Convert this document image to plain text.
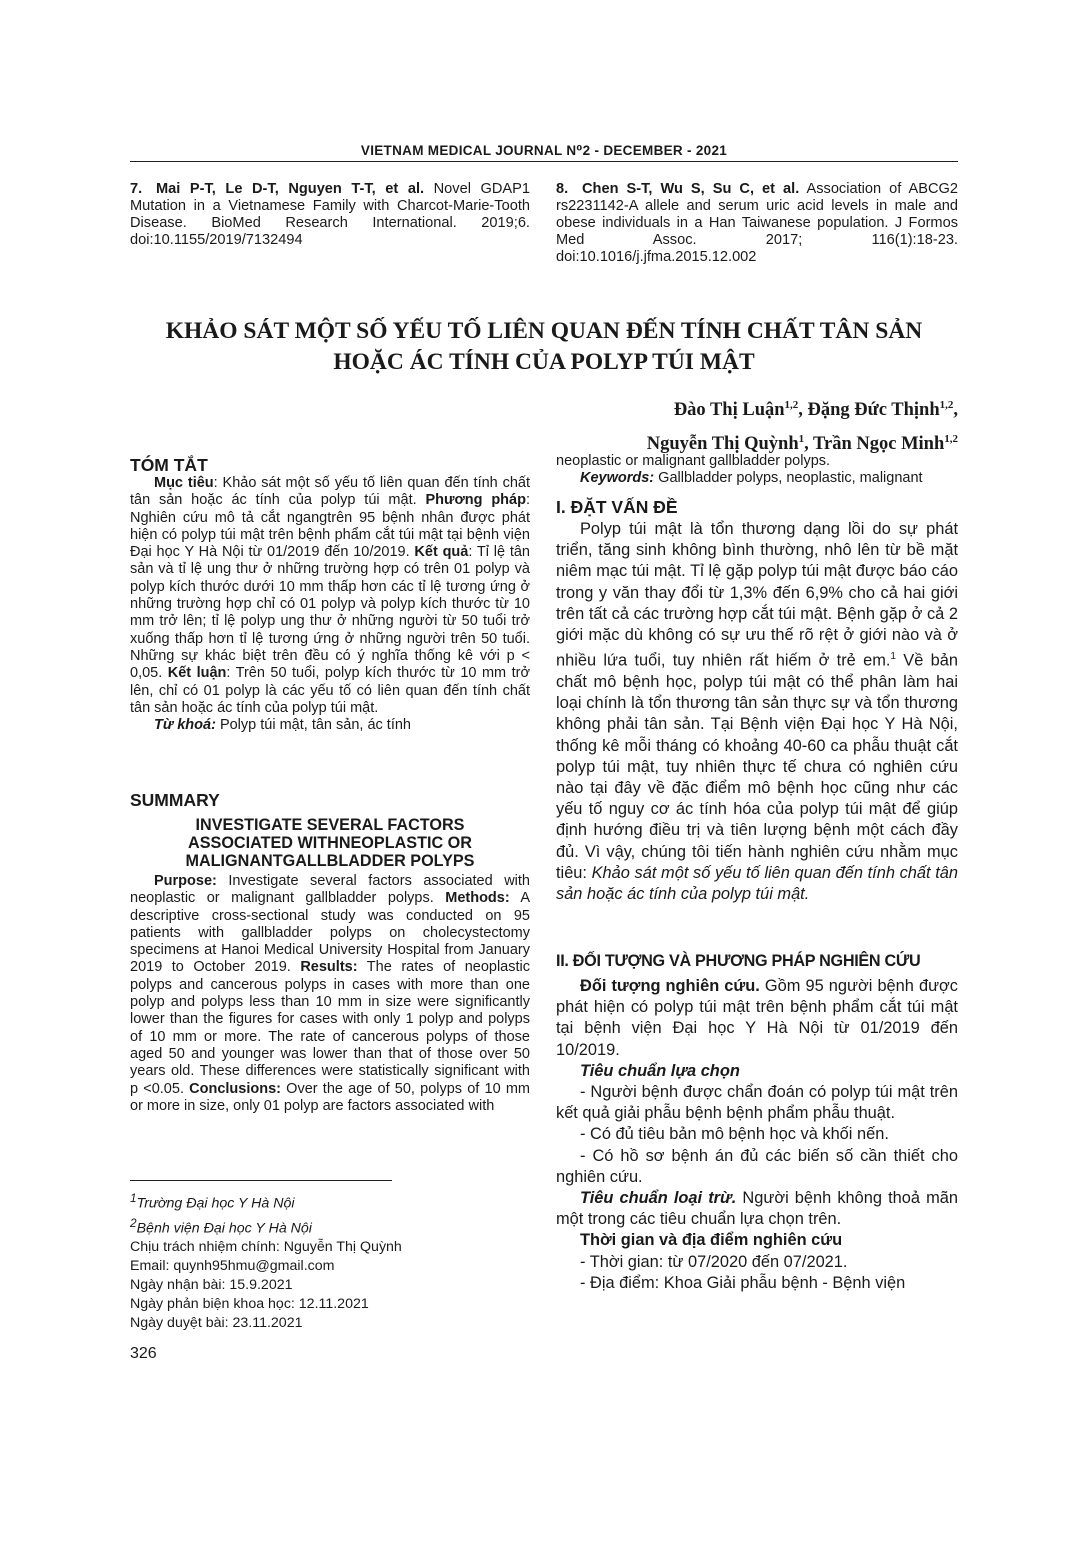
VIETNAM MEDICAL JOURNAL N⁰2 - DECEMBER - 2021
7. Mai P-T, Le D-T, Nguyen T-T, et al. Novel GDAP1 Mutation in a Vietnamese Family with Charcot-Marie-Tooth Disease. BioMed Research International. 2019;6. doi:10.1155/2019/7132494
8. Chen S-T, Wu S, Su C, et al. Association of ABCG2 rs2231142-A allele and serum uric acid levels in male and obese individuals in a Han Taiwanese population. J Formos Med Assoc. 2017; 116(1):18-23. doi:10.1016/j.jfma.2015.12.002
KHẢO SÁT MỘT SỐ YẾU TỐ LIÊN QUAN ĐẾN TÍNH CHẤT TÂN SẢN
HOẶC ÁC TÍNH CỦA POLYP TÚI MẬT
Đào Thị Luận$^{1,2}$, Đặng Đức Thịnh$^{1,2}$,
Nguyễn Thị Quỳnh$^1$, Trần Ngọc Minh$^{1,2}$
TÓM TẮT

Mục tiêu: Khảo sát một số yếu tố liên quan đến tính chất tân sản hoặc ác tính của polyp túi mật. Phương pháp: Nghiên cứu mô tả cắt ngangtrên 95 bệnh nhân được phát hiện có polyp túi mật trên bệnh phẩm cắt túi mật tại bệnh viện Đại học Y Hà Nội từ 01/2019 đến 10/2019. Kết quả: Tỉ lệ tân sản và tỉ lệ ung thư ở những trường hợp có trên 01 polyp và polyp kích thước dưới 10 mm thấp hơn các tỉ lệ tương ứng ở những trường hợp chỉ có 01 polyp và polyp kích thước từ 10 mm trở lên; tỉ lệ polyp ung thư ở những người từ 50 tuổi trở xuống thấp hơn tỉ lệ tương ứng ở những người trên 50 tuổi. Những sự khác biệt trên đều có ý nghĩa thống kê với p < 0,05. Kết luận: Trên 50 tuổi, polyp kích thước từ 10 mm trở lên, chỉ có 01 polyp là các yếu tố có liên quan đến tính chất tân sản hoặc ác tính của polyp túi mật.

Từ khoá: Polyp túi mật, tân sản, ác tính

SUMMARY
INVESTIGATE SEVERAL FACTORS
ASSOCIATED WITHNEOPLASTIC OR
MALIGNANTGALLBLADDER POLYPS

Purpose: Investigate several factors associated with neoplastic or malignant gallbladder polyps. Methods: A descriptive cross-sectional study was conducted on 95 patients with gallbladder polyps on cholecystectomy specimens at Hanoi Medical University Hospital from January 2019 to October 2019. Results: The rates of neoplastic polyps and cancerous polyps in cases with more than one polyp and polyps less than 10 mm in size were significantly lower than the figures for cases with only 1 polyp and polyps of 10 mm or more. The rate of cancerous polyps of those aged 50 and younger was lower than that of those over 50 years old. These differences were statistically significant with p <0.05. Conclusions: Over the age of 50, polyps of 10 mm or more in size, only 01 polyp are factors associated with

$^1$Trường Đại học Y Hà Nội
$^2$Bệnh viện Đại học Y Hà Nội
Chịu trách nhiệm chính: Nguyễn Thị Quỳnh
Email: quynh95hmu@gmail.com
Ngày nhận bài: 15.9.2021
Ngày phản biện khoa học: 12.11.2021
Ngày duyệt bài: 23.11.2021
326
neoplastic or malignant gallbladder polyps.
Keywords: Gallbladder polyps, neoplastic, malignant
I. ĐẶT VẤN ĐỀ

Polyp túi mật là tổn thương dạng lồi do sự phát triển, tăng sinh không bình thường, nhô lên từ bề mặt niêm mạc túi mật. Tỉ lệ gặp polyp túi mật được báo cáo trong y văn thay đổi từ 1,3% đến 6,9% cho cả hai giới trên tất cả các trường hợp cắt túi mật. Bệnh gặp ở cả 2 giới mặc dù không có sự ưu thế rõ rệt ở giới nào và ở nhiều lứa tuổi, tuy nhiên rất hiếm ở trẻ em.$^1$ Về bản chất mô bệnh học, polyp túi mật có thể phân làm hai loại chính là tổn thương tân sản thực sự và tổn thương không phải tân sản. Tại Bệnh viện Đại học Y Hà Nội, thống kê mỗi tháng có khoảng 40-60 ca phẫu thuật cắt polyp túi mật, tuy nhiên thực tế chưa có nghiên cứu nào tại đây về đặc điểm mô bệnh học cũng như các yếu tố nguy cơ ác tính hóa của polyp túi mật để giúp định hướng điều trị và tiên lượng bệnh một cách đầy đủ. Vì vậy, chúng tôi tiến hành nghiên cứu nhằm mục tiêu: Khảo sát một số yếu tố liên quan đến tính chất tân sản hoặc ác tính của polyp túi mật.

II. ĐỐI TƯỢNG VÀ PHƯƠNG PHÁP NGHIÊN CỨU

Đối tượng nghiên cứu. Gồm 95 người bệnh được phát hiện có polyp túi mật trên bệnh phẩm cắt túi mật tại bệnh viện Đại học Y Hà Nội từ 01/2019 đến 10/2019.

Tiêu chuẩn lựa chọn

- Người bệnh được chẩn đoán có polyp túi mật trên kết quả giải phẫu bệnh bệnh phẩm phẫu thuật.

- Có đủ tiêu bản mô bệnh học và khối nến.

- Có hồ sơ bệnh án đủ các biến số cần thiết cho nghiên cứu.

Tiêu chuẩn loại trừ. Người bệnh không thoả mãn một trong các tiêu chuẩn lựa chọn trên.

Thời gian và địa điểm nghiên cứu

- Thời gian: từ 07/2020 đến 07/2021.

- Địa điểm: Khoa Giải phẫu bệnh - Bệnh viện
